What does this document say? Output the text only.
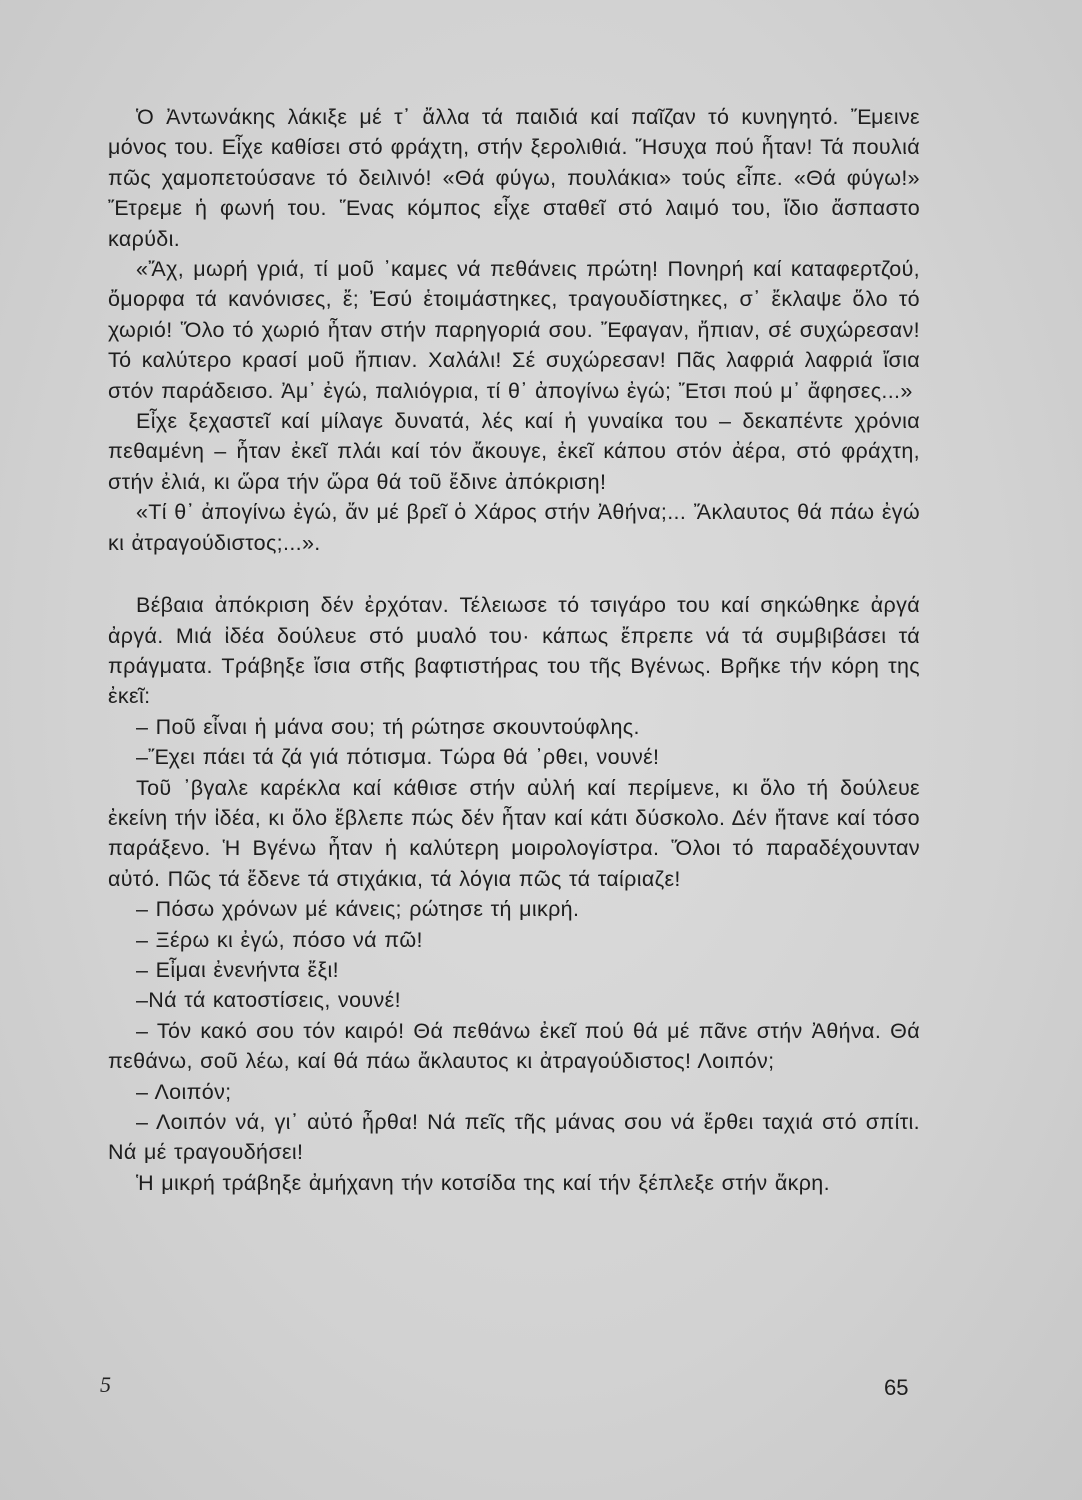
Ὁ Ἀντωνάκης λάκιξε μέ τ᾽ ἄλλα τά παιδιά καί παῖζαν τό κυνηγητό. Ἔμεινε μόνος του. Εἶχε καθίσει στό φράχτη, στήν ξερολιθιά. Ἥσυχα πού ἦταν! Τά πουλιά πῶς χαμοπετούσανε τό δειλινό! «Θά φύγω, πουλάκια» τούς εἶπε. «Θά φύγω!» Ἔτρεμε ἡ φωνή του. Ἕνας κόμπος εἶχε σταθεῖ στό λαιμό του, ἴδιο ἄσπαστο καρύδι.

«Ἄχ, μωρή γριά, τί μοῦ ᾽καμες νά πεθάνεις πρώτη! Πονηρή καί καταφερτζού, ὄμορφα τά κανόνισες, ἔ; Ἐσύ ἑτοιμάστηκες, τραγουδίστηκες, σ᾽ ἔκλαψε ὅλο τό χωριό! Ὅλο τό χωριό ἦταν στήν παρηγοριά σου. Ἔφαγαν, ἤπιαν, σέ συχώρεσαν! Τό καλύτερο κρασί μοῦ ἤπιαν. Χαλάλι! Σέ συχώρεσαν! Πᾶς λαφριά λαφριά ἴσια στόν παράδεισο. Ἀμ᾽ ἐγώ, παλιόγρια, τί θ᾽ ἀπογίνω ἐγώ; Ἔτσι πού μ᾽ ἄφησες...»

Εἶχε ξεχαστεῖ καί μίλαγε δυνατά, λές καί ἡ γυναίκα του – δεκαπέντε χρόνια πεθαμένη – ἦταν ἐκεῖ πλάι καί τόν ἄκουγε, ἐκεῖ κάπου στόν ἀέρα, στό φράχτη, στήν ἐλιά, κι ὥρα τήν ὥρα θά τοῦ ἔδινε ἀπόκριση!

«Τί θ᾽ ἀπογίνω ἐγώ, ἄν μέ βρεῖ ὁ Χάρος στήν Ἀθήνα;... Ἄκλαυτος θά πάω ἐγώ κι ἀτραγούδιστος;...».

Βέβαια ἀπόκριση δέν ἐρχόταν. Τέλειωσε τό τσιγάρο του καί σηκώθηκε ἀργά ἀργά. Μιά ἰδέα δούλευε στό μυαλό του· κάπως ἔπρεπε νά τά συμβιβάσει τά πράγματα. Τράβηξε ἴσια στῆς βαφτιστήρας του τῆς Βγένως. Βρῆκε τήν κόρη της ἐκεῖ:

– Ποῦ εἶναι ἡ μάνα σου; τή ρώτησε σκουντούφλης.

–Ἔχει πάει τά ζά γιά πότισμα. Τώρα θά ᾽ρθει, νουνέ!

Τοῦ ᾽βγαλε καρέκλα καί κάθισε στήν αὐλή καί περίμενε, κι ὅλο τή δούλευε ἐκείνη τήν ἰδέα, κι ὅλο ἔβλεπε πώς δέν ἦταν καί κάτι δύσκολο. Δέν ἤτανε καί τόσο παράξενο. Ἡ Βγένω ἦταν ἡ καλύτερη μοιρολογίστρα. Ὅλοι τό παραδέχουνταν αὐτό. Πῶς τά ἔδενε τά στιχάκια, τά λόγια πῶς τά ταίριαζε!

– Πόσω χρόνων μέ κάνεις; ρώτησε τή μικρή.

– Ξέρω κι ἐγώ, πόσο νά πῶ!

– Εἶμαι ἐνενήντα ἔξι!

–Νά τά κατοστίσεις, νουνέ!

– Τόν κακό σου τόν καιρό! Θά πεθάνω ἐκεῖ πού θά μέ πᾶνε στήν Ἀθήνα. Θά πεθάνω, σοῦ λέω, καί θά πάω ἄκλαυτος κι ἀτραγούδιστος! Λοιπόν;

– Λοιπόν;

– Λοιπόν νά, γι᾽ αὐτό ἦρθα! Νά πεῖς τῆς μάνας σου νά ἔρθει ταχιά στό σπίτι. Νά μέ τραγουδήσει!

Ἡ μικρή τράβηξε ἀμήχανη τήν κοτσίδα της καί τήν ξέπλεξε στήν ἄκρη.

5	65
